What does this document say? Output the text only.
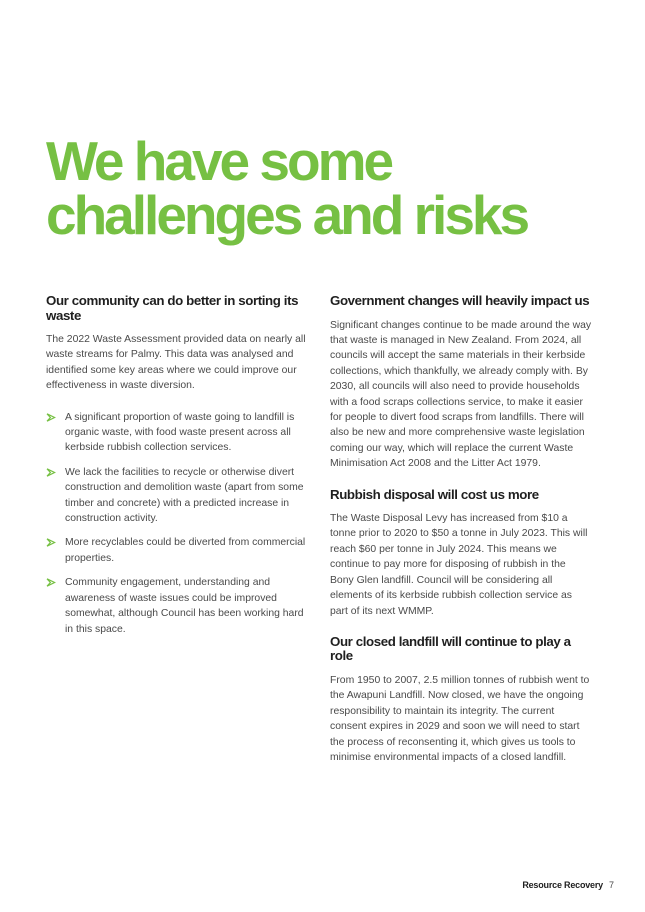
We have some
challenges and risks
Our community can do better in sorting its waste

The 2022 Waste Assessment provided data on nearly all waste streams for Palmy. This data was analysed and identified some key areas where we could improve our effectiveness in waste diversion.

A significant proportion of waste going to landfill is organic waste, with food waste present across all kerbside rubbish collection services.
We lack the facilities to recycle or otherwise divert construction and demolition waste (apart from some timber and concrete) with a predicted increase in construction activity.
More recyclables could be diverted from commercial properties.
Community engagement, understanding and awareness of waste issues could be improved somewhat, although Council has been working hard in this space.
Government changes will heavily impact us

Significant changes continue to be made around the way that waste is managed in New Zealand. From 2024, all councils will accept the same materials in their kerbside collections, which thankfully, we already comply with. By 2030, all councils will also need to provide households with a food scraps collections service, to make it easier for people to divert food scraps from landfills. There will also be new and more comprehensive waste legislation coming our way, which will replace the current Waste Minimisation Act 2008 and the Litter Act 1979.

Rubbish disposal will cost us more

The Waste Disposal Levy has increased from $10 a tonne prior to 2020 to $50 a tonne in July 2023. This will reach $60 per tonne in July 2024. This means we continue to pay more for disposing of rubbish in the Bony Glen landfill. Council will be considering all elements of its kerbside rubbish collection service as part of its next WMMP.

Our closed landfill will continue to play a role

From 1950 to 2007, 2.5 million tonnes of rubbish went to the Awapuni Landfill. Now closed, we have the ongoing responsibility to maintain its integrity. The current consent expires in 2029 and soon we will need to start the process of reconsenting it, which gives us tools to minimise environmental impacts of a closed landfill.

Resource Recovery 7
